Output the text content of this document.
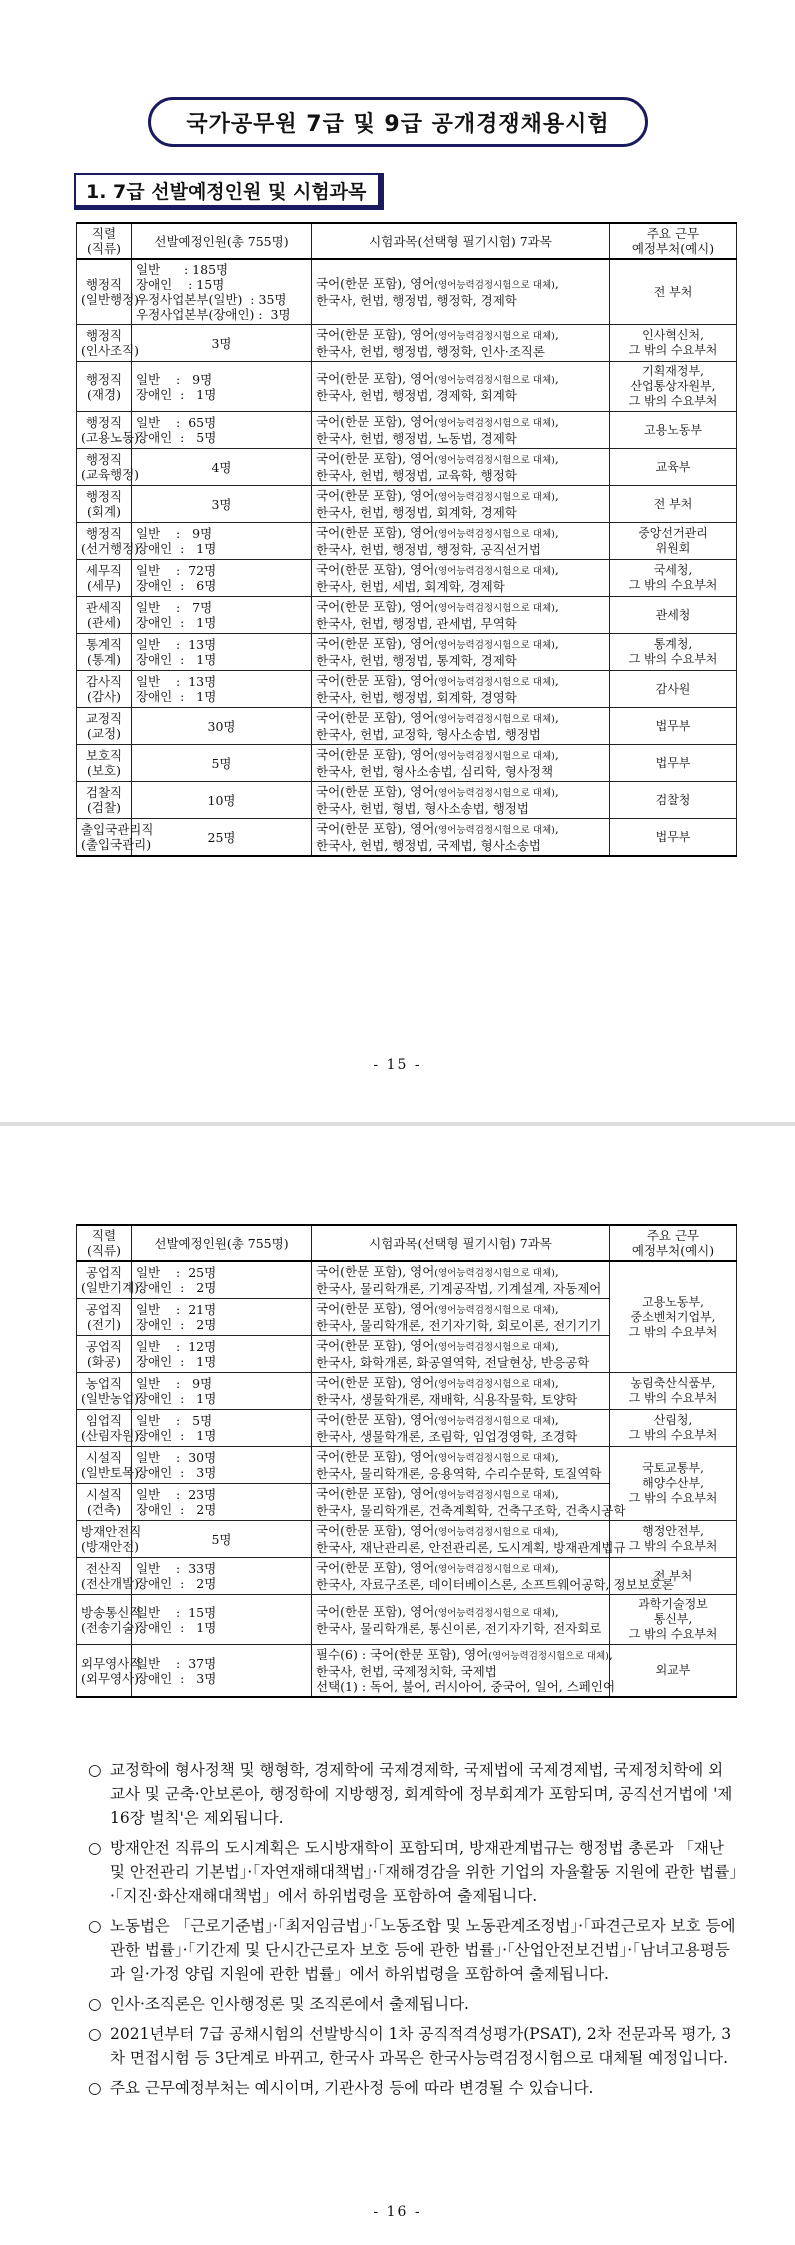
국가공무원 7급 및 9급 공개경쟁채용시험
1. 7급 선발예정인원 및 시험과목
직렬
(직류)	선발예정인원(총 755명)	시험과목(선택형 필기시험) 7과목	주요 근무
예정부처(예시)
행정직
(일반행정)	일반      : 185명
장애인    : 15명
우정사업본부(일반)  : 35명
우정사업본부(장애인) :  3명	국어(한문 포함), 영어(영어능력검정시험으로 대체),
한국사, 헌법, 행정법, 행정학, 경제학	전 부처
행정직
(인사조직)	3명	국어(한문 포함), 영어(영어능력검정시험으로 대체),
한국사, 헌법, 행정법, 행정학, 인사·조직론	인사혁신처,
그 밖의 수요부처
행정직
(재경)	일반    :   9명
장애인  :   1명	국어(한문 포함), 영어(영어능력검정시험으로 대체),
한국사, 헌법, 행정법, 경제학, 회계학	기획재정부,
산업통상자원부,
그 밖의 수요부처
행정직
(고용노동)	일반    :  65명
장애인  :   5명	국어(한문 포함), 영어(영어능력검정시험으로 대체),
한국사, 헌법, 행정법, 노동법, 경제학	고용노동부
행정직
(교육행정)	4명	국어(한문 포함), 영어(영어능력검정시험으로 대체),
한국사, 헌법, 행정법, 교육학, 행정학	교육부
행정직
(회계)	3명	국어(한문 포함), 영어(영어능력검정시험으로 대체),
한국사, 헌법, 행정법, 회계학, 경제학	전 부처
행정직
(선거행정)	일반    :   9명
장애인  :   1명	국어(한문 포함), 영어(영어능력검정시험으로 대체),
한국사, 헌법, 행정법, 행정학, 공직선거법	중앙선거관리
위원회
세무직
(세무)	일반    :  72명
장애인  :   6명	국어(한문 포함), 영어(영어능력검정시험으로 대체),
한국사, 헌법, 세법, 회계학, 경제학	국세청,
그 밖의 수요부처
관세직
(관세)	일반    :   7명
장애인  :   1명	국어(한문 포함), 영어(영어능력검정시험으로 대체),
한국사, 헌법, 행정법, 관세법, 무역학	관세청
통계직
(통계)	일반    :  13명
장애인  :   1명	국어(한문 포함), 영어(영어능력검정시험으로 대체),
한국사, 헌법, 행정법, 통계학, 경제학	통계청,
그 밖의 수요부처
감사직
(감사)	일반    :  13명
장애인  :   1명	국어(한문 포함), 영어(영어능력검정시험으로 대체),
한국사, 헌법, 행정법, 회계학, 경영학	감사원
교정직
(교정)	30명	국어(한문 포함), 영어(영어능력검정시험으로 대체),
한국사, 헌법, 교정학, 형사소송법, 행정법	법무부
보호직
(보호)	5명	국어(한문 포함), 영어(영어능력검정시험으로 대체),
한국사, 헌법, 형사소송법, 심리학, 형사정책	법무부
검찰직
(검찰)	10명	국어(한문 포함), 영어(영어능력검정시험으로 대체),
한국사, 헌법, 형법, 형사소송법, 행정법	검찰청
출입국관리직
(출입국관리)	25명	국어(한문 포함), 영어(영어능력검정시험으로 대체),
한국사, 헌법, 행정법, 국제법, 형사소송법	법무부
- 15 -
직렬
(직류)	선발예정인원(총 755명)	시험과목(선택형 필기시험) 7과목	주요 근무
예정부처(예시)
공업직
(일반기계)	일반    :  25명
장애인  :   2명	국어(한문 포함), 영어(영어능력검정시험으로 대체),
한국사, 물리학개론, 기계공작법, 기계설계, 자동제어	고용노동부,
중소벤처기업부,
그 밖의 수요부처
공업직
(전기)	일반    :  21명
장애인  :   2명	국어(한문 포함), 영어(영어능력검정시험으로 대체),
한국사, 물리학개론, 전기자기학, 회로이론, 전기기기	

공업직
(화공)	일반    :  12명
장애인  :   1명	국어(한문 포함), 영어(영어능력검정시험으로 대체),
한국사, 화학개론, 화공열역학, 전달현상, 반응공학	

농업직
(일반농업)	일반    :   9명
장애인  :   1명	국어(한문 포함), 영어(영어능력검정시험으로 대체),
한국사, 생물학개론, 재배학, 식용작물학, 토양학	농림축산식품부,
그 밖의 수요부처
임업직
(산림자원)	일반    :   5명
장애인  :   1명	국어(한문 포함), 영어(영어능력검정시험으로 대체),
한국사, 생물학개론, 조림학, 임업경영학, 조경학	산림청,
그 밖의 수요부처
시설직
(일반토목)	일반    :  30명
장애인  :   3명	국어(한문 포함), 영어(영어능력검정시험으로 대체),
한국사, 물리학개론, 응용역학, 수리수문학, 토질역학	국토교통부,
해양수산부,
그 밖의 수요부처
시설직
(건축)	일반    :  23명
장애인  :   2명	국어(한문 포함), 영어(영어능력검정시험으로 대체),
한국사, 물리학개론, 건축계획학, 건축구조학, 건축시공학	

방재안전직
(방재안전)	5명	국어(한문 포함), 영어(영어능력검정시험으로 대체),
한국사, 재난관리론, 안전관리론, 도시계획, 방재관계법규	행정안전부,
그 밖의 수요부처
전산직
(전산개발)	일반    :  33명
장애인  :   2명	국어(한문 포함), 영어(영어능력검정시험으로 대체),
한국사, 자료구조론, 데이터베이스론, 소프트웨어공학, 정보보호론	전 부처
방송통신직
(전송기술)	일반    :  15명
장애인  :   1명	국어(한문 포함), 영어(영어능력검정시험으로 대체),
한국사, 물리학개론, 통신이론, 전기자기학, 전자회로	과학기술정보
통신부,
그 밖의 수요부처
외무영사직
(외무영사)	일반    :  37명
장애인  :   3명	필수(6) : 국어(한문 포함), 영어(영어능력검정시험으로 대체),
한국사, 헌법, 국제정치학, 국제법
선택(1) : 독어, 불어, 러시아어, 중국어, 일어, 스페인어	외교부
○ 교정학에 형사정책 및 행형학, 경제학에 국제경제학, 국제법에 국제경제법, 국제정치학에 외교사 및 군축·안보론아, 행정학에 지방행정, 회계학에 정부회계가 포함되며, 공직선거법에 '제16장 벌칙'은 제외됩니다.
○ 방재안전 직류의 도시계획은 도시방재학이 포함되며, 방재관계법규는 행정법 총론과 「재난 및 안전관리 기본법」·「자연재해대책법」·「재해경감을 위한 기업의 자율활동 지원에 관한 법률」·「지진·화산재해대책법」에서 하위법령을 포함하여 출제됩니다.
○ 노동법은 「근로기준법」·「최저임금법」·「노동조합 및 노동관계조정법」·「파견근로자 보호 등에 관한 법률」·「기간제 및 단시간근로자 보호 등에 관한 법률」·「산업안전보건법」·「남녀고용평등과 일·가정 양립 지원에 관한 법률」에서 하위법령을 포함하여 출제됩니다.
○ 인사·조직론은 인사행정론 및 조직론에서 출제됩니다.
○ 2021년부터 7급 공채시험의 선발방식이 1차 공직적격성평가(PSAT), 2차 전문과목 평가, 3차 면접시험 등 3단계로 바뀌고, 한국사 과목은 한국사능력검정시험으로 대체될 예정입니다.
○ 주요 근무예정부처는 예시이며, 기관사정 등에 따라 변경될 수 있습니다.
- 16 -
